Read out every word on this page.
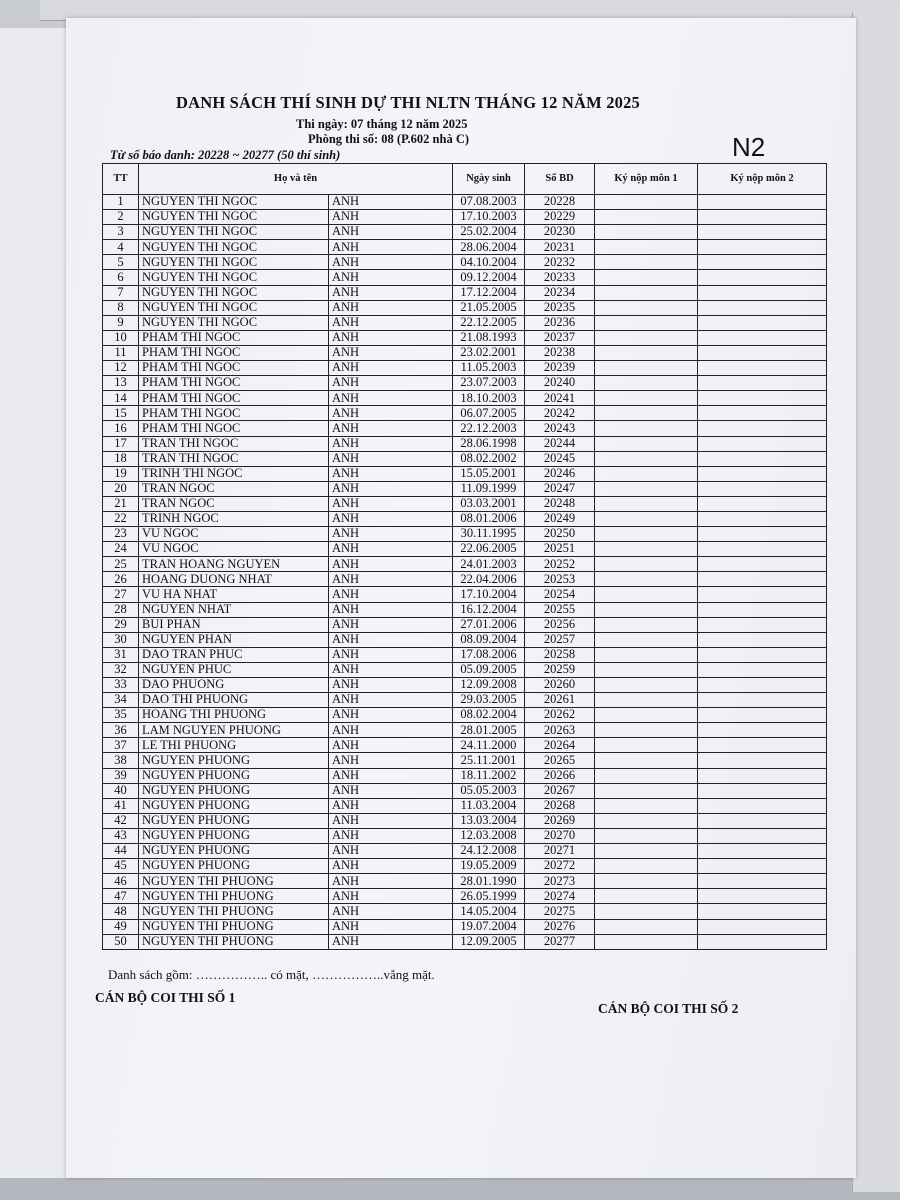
DANH SÁCH THÍ SINH DỰ THI NLTN THÁNG 12 NĂM 2025
Thi ngày: 07 tháng 12 năm 2025
Phòng thi số: 08 (P.602 nhà C)
Từ số báo danh: 20228 ~ 20277 (50 thí sinh)	N2
TT	Họ và tên		Ngày sinh	Số BD	Ký nộp môn 1	Ký nộp môn 2
1	NGUYEN THI NGOC	ANH	07.08.2003	20228		
2	NGUYEN THI NGOC	ANH	17.10.2003	20229		
3	NGUYEN THI NGOC	ANH	25.02.2004	20230		
4	NGUYEN THI NGOC	ANH	28.06.2004	20231		
5	NGUYEN THI NGOC	ANH	04.10.2004	20232		
6	NGUYEN THI NGOC	ANH	09.12.2004	20233		
7	NGUYEN THI NGOC	ANH	17.12.2004	20234		
8	NGUYEN THI NGOC	ANH	21.05.2005	20235		
9	NGUYEN THI NGOC	ANH	22.12.2005	20236		
10	PHAM THI NGOC	ANH	21.08.1993	20237		
11	PHAM THI NGOC	ANH	23.02.2001	20238		
12	PHAM THI NGOC	ANH	11.05.2003	20239		
13	PHAM THI NGOC	ANH	23.07.2003	20240		
14	PHAM THI NGOC	ANH	18.10.2003	20241		
15	PHAM THI NGOC	ANH	06.07.2005	20242		
16	PHAM THI NGOC	ANH	22.12.2003	20243		
17	TRAN THI NGOC	ANH	28.06.1998	20244		
18	TRAN THI NGOC	ANH	08.02.2002	20245		
19	TRINH THI NGOC	ANH	15.05.2001	20246		
20	TRAN NGOC	ANH	11.09.1999	20247		
21	TRAN NGOC	ANH	03.03.2001	20248		
22	TRINH NGOC	ANH	08.01.2006	20249		
23	VU NGOC	ANH	30.11.1995	20250		
24	VU NGOC	ANH	22.06.2005	20251		
25	TRAN HOANG NGUYEN	ANH	24.01.2003	20252		
26	HOANG DUONG NHAT	ANH	22.04.2006	20253		
27	VU HA NHAT	ANH	17.10.2004	20254		
28	NGUYEN NHAT	ANH	16.12.2004	20255		
29	BUI PHAN	ANH	27.01.2006	20256		
30	NGUYEN PHAN	ANH	08.09.2004	20257		
31	DAO TRAN PHUC	ANH	17.08.2006	20258		
32	NGUYEN PHUC	ANH	05.09.2005	20259		
33	DAO PHUONG	ANH	12.09.2008	20260		
34	DAO THI PHUONG	ANH	29.03.2005	20261		
35	HOANG THI PHUONG	ANH	08.02.2004	20262		
36	LAM NGUYEN PHUONG	ANH	28.01.2005	20263		
37	LE THI PHUONG	ANH	24.11.2000	20264		
38	NGUYEN PHUONG	ANH	25.11.2001	20265		
39	NGUYEN PHUONG	ANH	18.11.2002	20266		
40	NGUYEN PHUONG	ANH	05.05.2003	20267		
41	NGUYEN PHUONG	ANH	11.03.2004	20268		
42	NGUYEN PHUONG	ANH	13.03.2004	20269		
43	NGUYEN PHUONG	ANH	12.03.2008	20270		
44	NGUYEN PHUONG	ANH	24.12.2008	20271		
45	NGUYEN PHUONG	ANH	19.05.2009	20272		
46	NGUYEN THI PHUONG	ANH	28.01.1990	20273		
47	NGUYEN THI PHUONG	ANH	26.05.1999	20274		
48	NGUYEN THI PHUONG	ANH	14.05.2004	20275		
49	NGUYEN THI PHUONG	ANH	19.07.2004	20276		
50	NGUYEN THI PHUONG	ANH	12.09.2005	20277		
Danh sách gồm: …………….. có mặt, ……………..vắng mặt.
CÁN BỘ COI THI SỐ 1
CÁN BỘ COI THI SỐ 2
